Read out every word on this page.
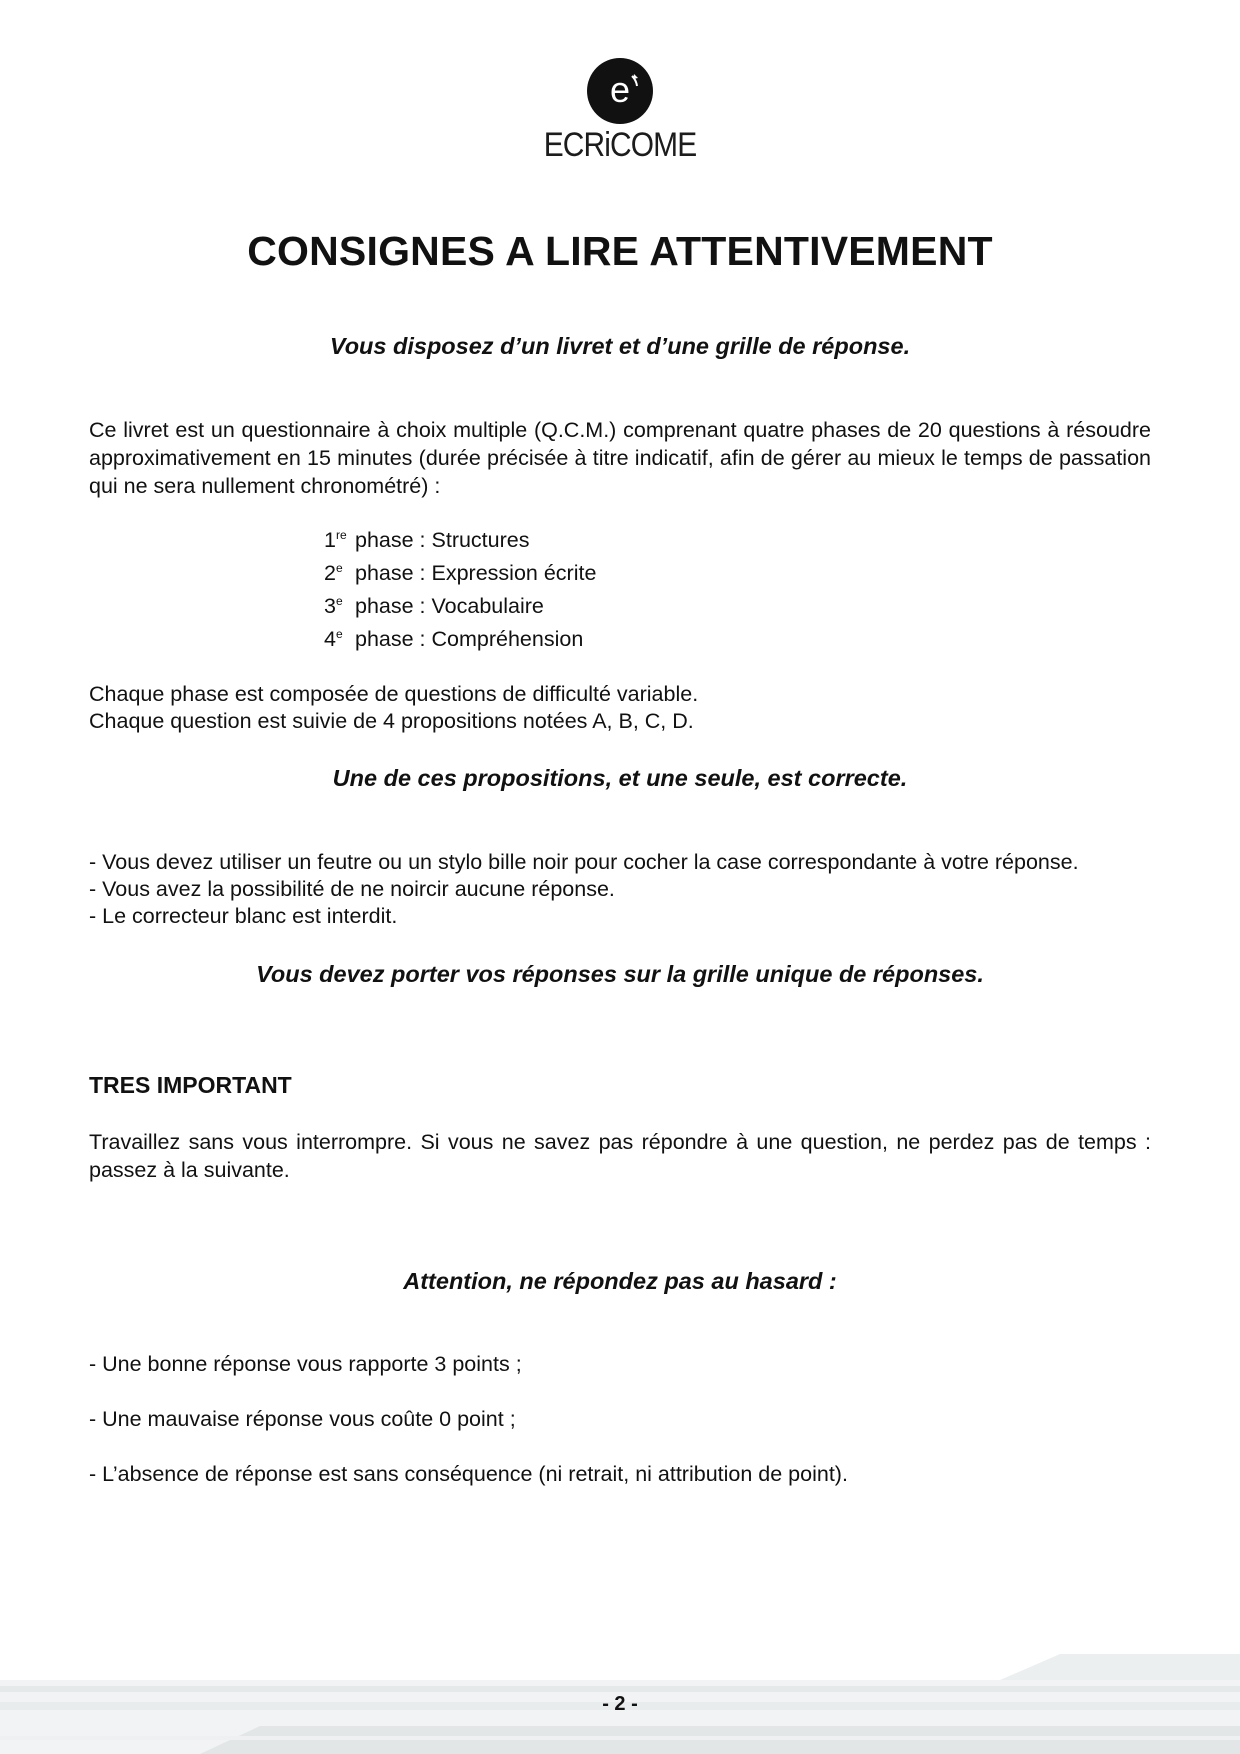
e
ECRiCOME
CONSIGNES A LIRE ATTENTIVEMENT

Vous disposez d’un livret et d’une grille de réponse.

Ce livret est un questionnaire à choix multiple (Q.C.M.) comprenant quatre phases de 20 questions à résoudre approximativement en 15 minutes (durée précisée à titre indicatif, afin de gérer au mieux le temps de passation qui ne sera nullement chronométré) :

1re phase : Structures
2e phase : Expression écrite
3e phase : Vocabulaire
4e phase : Compréhension
Chaque phase est composée de questions de difficulté variable.
Chaque question est suivie de 4 propositions notées A, B, C, D.

Une de ces propositions, et une seule, est correcte.

- Vous devez utiliser un feutre ou un stylo bille noir pour cocher la case correspondante à votre réponse.
- Vous avez la possibilité de ne noircir aucune réponse.
- Le correcteur blanc est interdit.

Vous devez porter vos réponses sur la grille unique de réponses.

TRES IMPORTANT

Travaillez sans vous interrompre. Si vous ne savez pas répondre à une question, ne perdez pas de temps : passez à la suivante.

Attention, ne répondez pas au hasard :

- Une bonne réponse vous rapporte 3 points ;

- Une mauvaise réponse vous coûte 0 point ;

- L’absence de réponse est sans conséquence (ni retrait, ni attribution de point).

- 2 -
